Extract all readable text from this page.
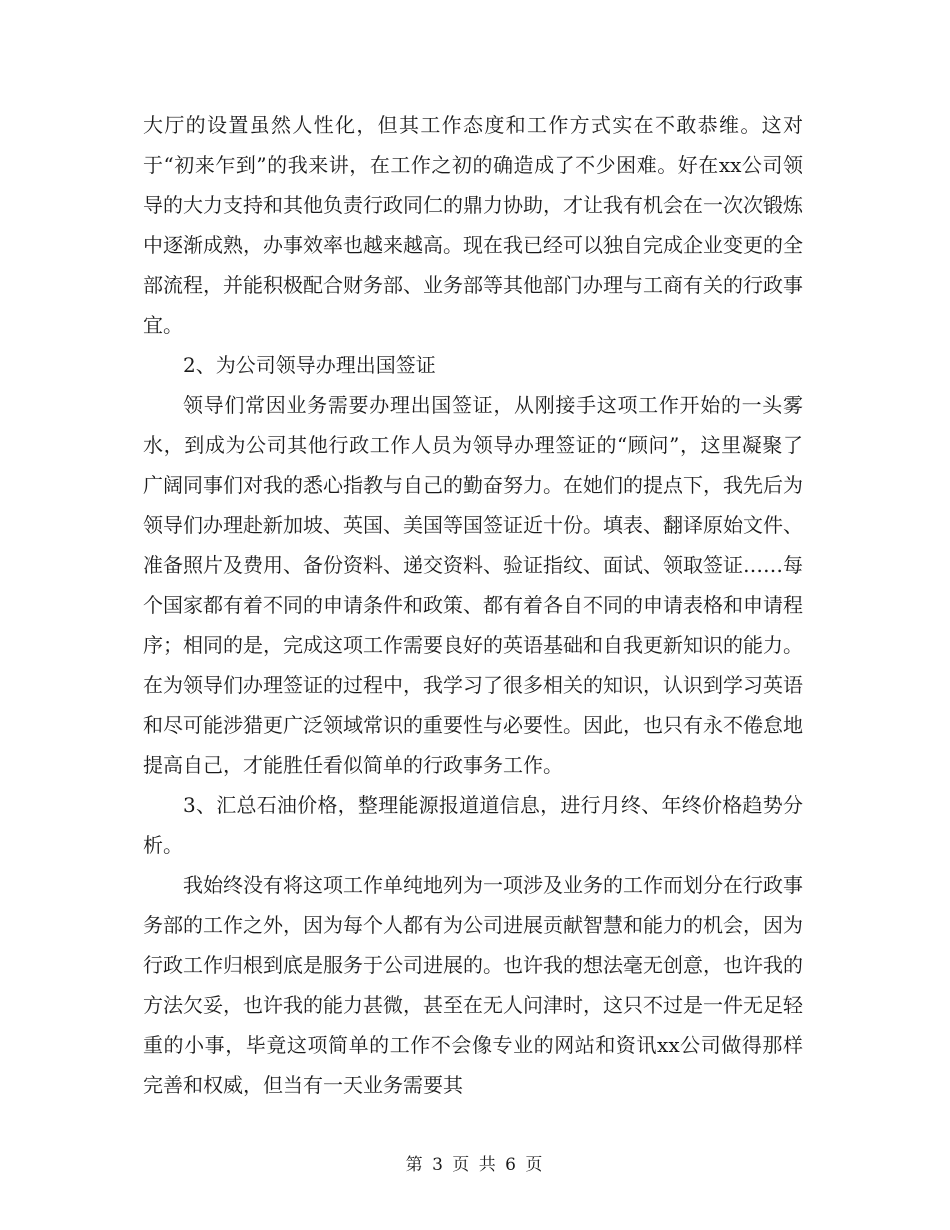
大厅的设置虽然人性化，但其工作态度和工作方式实在不敢恭维。这对于“初来乍到”的我来讲，在工作之初的确造成了不少困难。好在xx公司领导的大力支持和其他负责行政同仁的鼎力协助，才让我有机会在一次次锻炼中逐渐成熟，办事效率也越来越高。现在我已经可以独自完成企业变更的全部流程，并能积极配合财务部、业务部等其他部门办理与工商有关的行政事宜。

2、为公司领导办理出国签证

领导们常因业务需要办理出国签证，从刚接手这项工作开始的一头雾水，到成为公司其他行政工作人员为领导办理签证的“顾问”，这里凝聚了广阔同事们对我的悉心指教与自己的勤奋努力。在她们的提点下，我先后为领导们办理赴新加坡、英国、美国等国签证近十份。填表、翻译原始文件、准备照片及费用、备份资料、递交资料、验证指纹、面试、领取签证……每个国家都有着不同的申请条件和政策、都有着各自不同的申请表格和申请程序；相同的是，完成这项工作需要良好的英语基础和自我更新知识的能力。在为领导们办理签证的过程中，我学习了很多相关的知识，认识到学习英语和尽可能涉猎更广泛领域常识的重要性与必要性。因此，也只有永不倦怠地提高自己，才能胜任看似简单的行政事务工作。

3、汇总石油价格，整理能源报道道信息，进行月终、年终价格趋势分析。

我始终没有将这项工作单纯地列为一项涉及业务的工作而划分在行政事务部的工作之外，因为每个人都有为公司进展贡献智慧和能力的机会，因为行政工作归根到底是服务于公司进展的。也许我的想法毫无创意，也许我的方法欠妥，也许我的能力甚微，甚至在无人问津时，这只不过是一件无足轻重的小事，毕竟这项简单的工作不会像专业的网站和资讯xx公司做得那样完善和权威，但当有一天业务需要其

第 3 页 共 6 页
